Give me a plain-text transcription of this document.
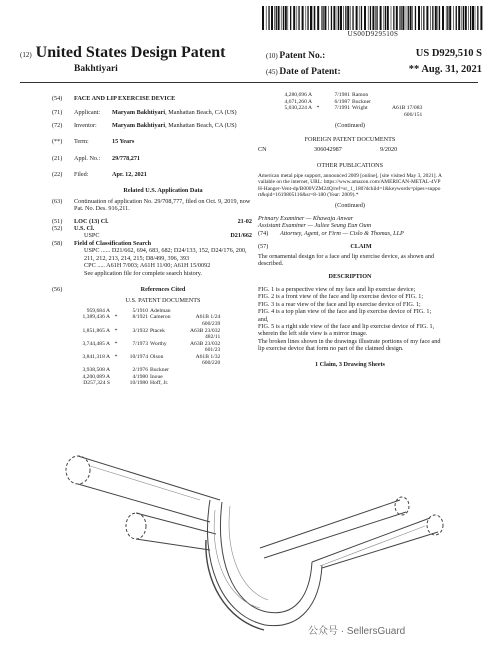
US00D929510S
(12) United States Design Patent
Bakhtiyari
(10) Patent No.:	US D929,510 S
(45) Date of Patent:	** Aug. 31, 2021
(54) FACE AND LIP EXERCISE DEVICE
(71)	Applicant:	Maryam Bakhtiyari, Manhattan Beach, CA (US)
(72)	Inventor:	Maryam Bakhtiyari, Manhattan Beach, CA (US)
(**)	Term:	15 Years
(21)	Appl. No.:	29/778,271
(22)	Filed:	Apr. 12, 2021
Related U.S. Application Data
(63)	Continuation of application No. 29/708,777, filed on Oct. 9, 2019, now Pat. No. Des. 916,211.
(51) LOC (13) Cl.	21-02
(52) U.S. Cl.
USPC	D21/662
(58) Field of Classification Search
USPC ...... D21/662, 694, 683, 682; D24/133, 152, D24/176, 200, 211, 212, 213, 214, 215; D8/499, 396, 393
CPC ..... A61H 7/003; A61H 11/00; A61H 15/0092
See application file for complete search history.
(56)	References Cited
U.S. PATENT DOCUMENTS
959,684 A		5/1910	Adelman	
1,389,436 A	*	8/1921	Cameron	A61B 1/24
				600/239
1,851,865 A	*	3/1932	Ptacek	A63B 23/032
				482/11
3,744,485 A	*	7/1973	Worthy	A63B 23/032
				601/23
3,841,318 A	*	10/1974	Olson	A61B 1/32
				600/220
3,938,508 A		2/1976	Buckner	
4,200,089 A		4/1980	Inoue	
D257,324 S		10/1980	Hoff, Jr.	
4,280,696 A		7/1981	Ramon	
4,671,260 A		6/1987	Buckner	
5,030,224 A	*	7/1991	Wright	A61B 17/083
				606/151
(Continued)
FOREIGN PATENT DOCUMENTS
CN	306042987	9/2020
OTHER PUBLICATIONS
American metal pipe support, announced 2009 [online], [site visited May 3, 2021]. Available on the internet, URL: https://www.amazon.com/AMERICAN-METAL-4VPH-Hanger-Vent-dp/B000VZM24Q/ref=sr_1_180?dchild=1&keywords=pipes+support&qid=1619805116&sr=8-180 (Year: 2009).*
(Continued)
Primary Examiner — Khawaja Anwar
Assistant Examiner — Juliee Seung Eun Oum
(74)	Attorney, Agent, or Firm — Cislo & Thomas, LLP
(57)	CLAIM
The ornamental design for a face and lip exercise device, as shown and described.
DESCRIPTION
FIG. 1 is a perspective view of my face and lip exercise device;
FIG. 2 is a front view of the face and lip exercise device of FIG. 1;
FIG. 3 is a rear view of the face and lip exercise device of FIG. 1;
FIG. 4 is a top plan view of the face and lip exercise device of FIG. 1; and,
FIG. 5 is a right side view of the face and lip exercise device of FIG. 1, wherein the left side view is a mirror image.
The broken lines shown in the drawings illustrate portions of my face and lip exercise device that form no part of the claimed design.
1 Claim, 3 Drawing Sheets
公众号 · SellersGuard
